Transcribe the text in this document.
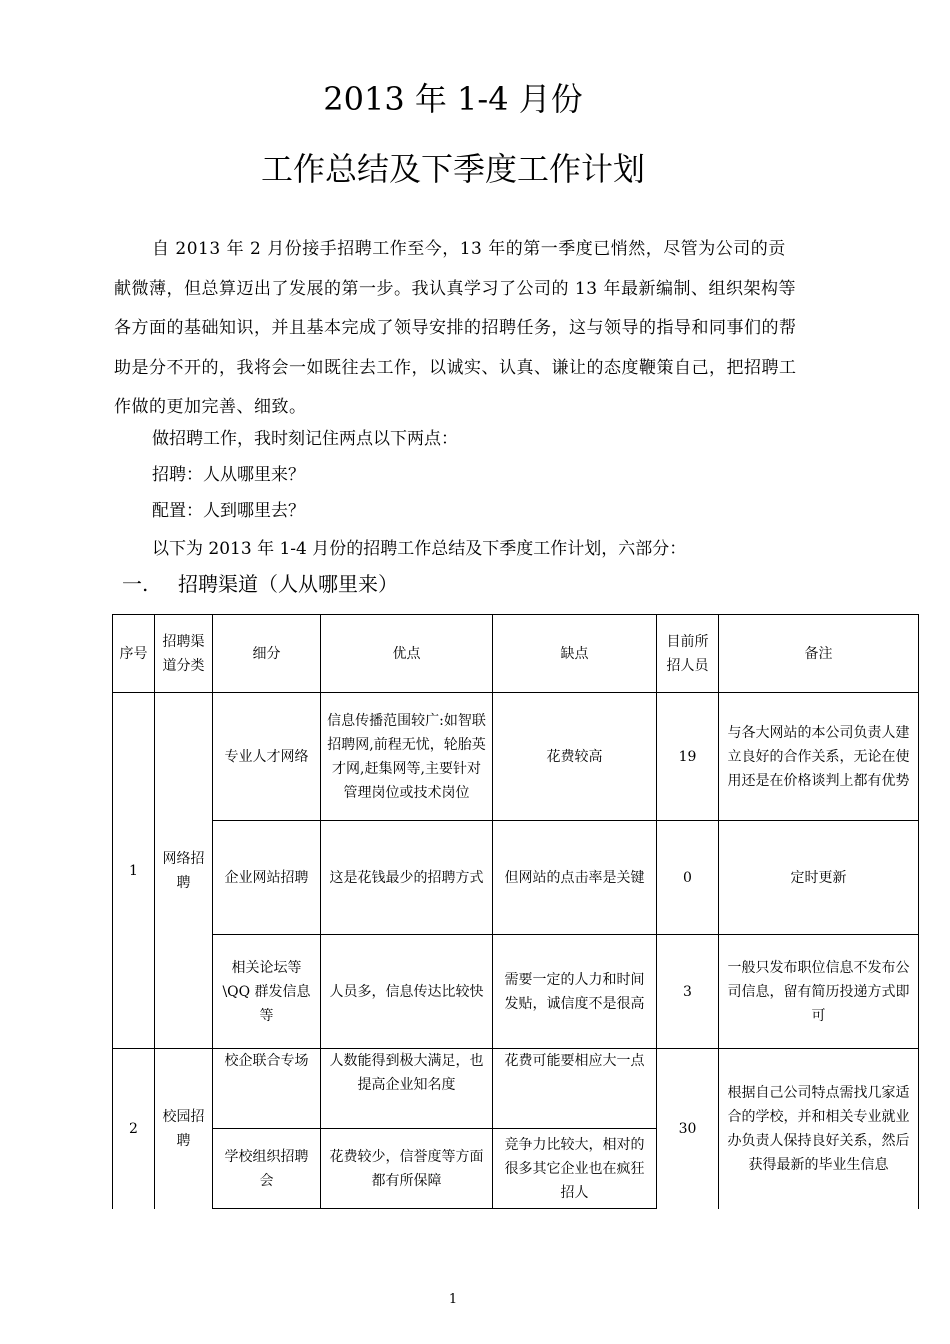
2013 年 1-4 月份
工作总结及下季度工作计划

自 2013 年 2 月份接手招聘工作至今，13 年的第一季度已悄然，尽管为公司的贡献微薄，但总算迈出了发展的第一步。我认真学习了公司的 13 年最新编制、组织架构等各方面的基础知识，并且基本完成了领导安排的招聘任务，这与领导的指导和同事们的帮助是分不开的，我将会一如既往去工作，以诚实、认真、谦让的态度鞭策自己，把招聘工作做的更加完善、细致。

做招聘工作，我时刻记住两点以下两点：
招聘：人从哪里来？
配置：人到哪里去？
以下为 2013 年 1-4 月份的招聘工作总结及下季度工作计划，六部分：
一. 招聘渠道（人从哪里来）
序号	招聘渠道分类	细分	优点	缺点	目前所招人员	备注
1	网络招聘	专业人才网络	信息传播范围较广:如智联招聘网,前程无忧，轮胎英才网,赶集网等,主要针对管理岗位或技术岗位	花费较高	19	与各大网站的本公司负责人建立良好的合作关系，无论在使用还是在价格谈判上都有优势
		企业网站招聘	这是花钱最少的招聘方式	但网站的点击率是关键	0	定时更新
		相关论坛等\QQ 群发信息等	人员多，信息传达比较快	需要一定的人力和时间发贴，诚信度不是很高	3	一般只发布职位信息不发布公司信息，留有简历投递方式即可
2	校园招聘	校企联合专场	人数能得到极大满足，也提高企业知名度	花费可能要相应大一点	30	根据自己公司特点需找几家适合的学校，并和相关专业就业办负责人保持良好关系，然后获得最新的毕业生信息
		学校组织招聘会	花费较少，信誉度等方面都有所保障	竞争力比较大，相对的很多其它企业也在疯狂招人		
1
